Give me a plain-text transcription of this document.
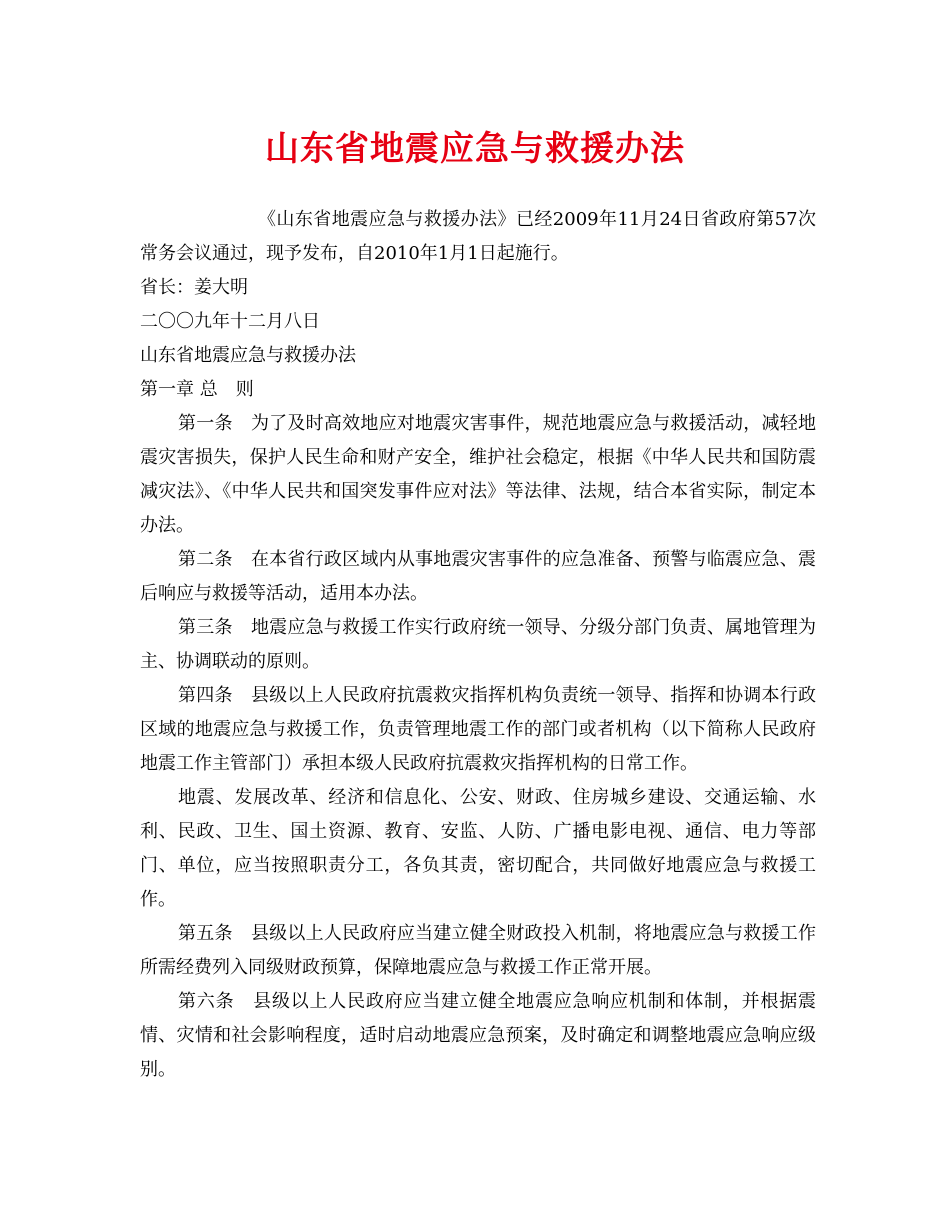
山东省地震应急与救援办法

《山东省地震应急与救援办法》已经2009年11月24日省政府第57次常务会议通过，现予发布，自2010年1月1日起施行。

省长：姜大明

二〇〇九年十二月八日

山东省地震应急与救援办法

第一章 总　则

第一条　为了及时高效地应对地震灾害事件，规范地震应急与救援活动，减轻地震灾害损失，保护人民生命和财产安全，维护社会稳定，根据《中华人民共和国防震减灾法》、《中华人民共和国突发事件应对法》等法律、法规，结合本省实际，制定本办法。

第二条　在本省行政区域内从事地震灾害事件的应急准备、预警与临震应急、震后响应与救援等活动，适用本办法。

第三条　地震应急与救援工作实行政府统一领导、分级分部门负责、属地管理为主、协调联动的原则。

第四条　县级以上人民政府抗震救灾指挥机构负责统一领导、指挥和协调本行政区域的地震应急与救援工作，负责管理地震工作的部门或者机构（以下简称人民政府地震工作主管部门）承担本级人民政府抗震救灾指挥机构的日常工作。

地震、发展改革、经济和信息化、公安、财政、住房城乡建设、交通运输、水利、民政、卫生、国土资源、教育、安监、人防、广播电影电视、通信、电力等部门、单位，应当按照职责分工，各负其责，密切配合，共同做好地震应急与救援工作。

第五条　县级以上人民政府应当建立健全财政投入机制，将地震应急与救援工作所需经费列入同级财政预算，保障地震应急与救援工作正常开展。

第六条　县级以上人民政府应当建立健全地震应急响应机制和体制，并根据震情、灾情和社会影响程度，适时启动地震应急预案，及时确定和调整地震应急响应级别。
